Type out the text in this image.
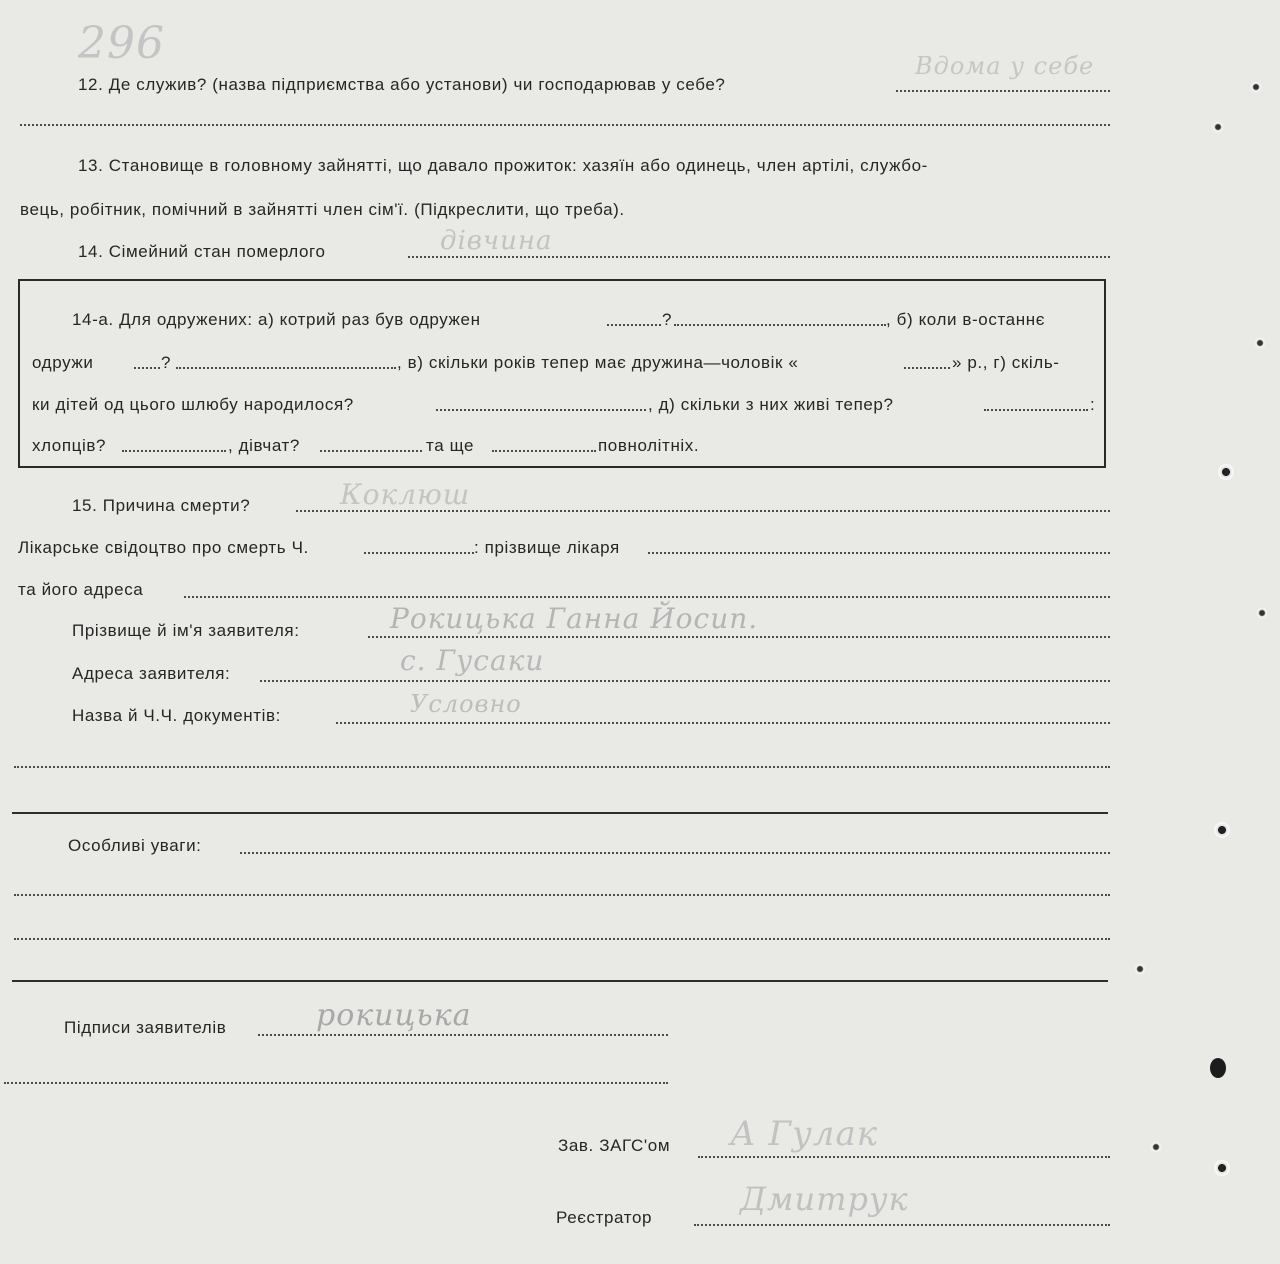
296
12. Де служив? (назва підприємства або установи) чи господарював у себе?
Вдома у себе
13. Становище в головному зайнятті, що давало прожиток: хазяїн або одинець, член артілі, службо-
вець, робітник, помічний в зайнятті член сім'ї. (Підкреслити, що треба).
14. Сімейний стан померлого	дівчина
14-а. Для одружених: а) котрий раз був одружен	?	, б) коли в-останнє
одружи	?	, в) скільки років тепер має дружина—чоловік «	» р., г) скіль-
ки дітей од цього шлюбу народилося?	, д) скільки з них живі тепер?	:
хлопців?	, дівчат?	та ще	повнолітніх.
15. Причина смерти?	Коклюш
Лікарське свідоцтво про смерть Ч.	: прізвище лікаря
та його адреса
Прізвище й ім'я заявителя:	Рокицька Ганна Йосип.
Адреса заявителя:	с. Гусаки
Назва й Ч.Ч. документів:	Условно
Особливі уваги:
Підписи заявителів	рокицька
Зав. ЗАГС'ом А Гулак
Реєстратор	Дмитрук
